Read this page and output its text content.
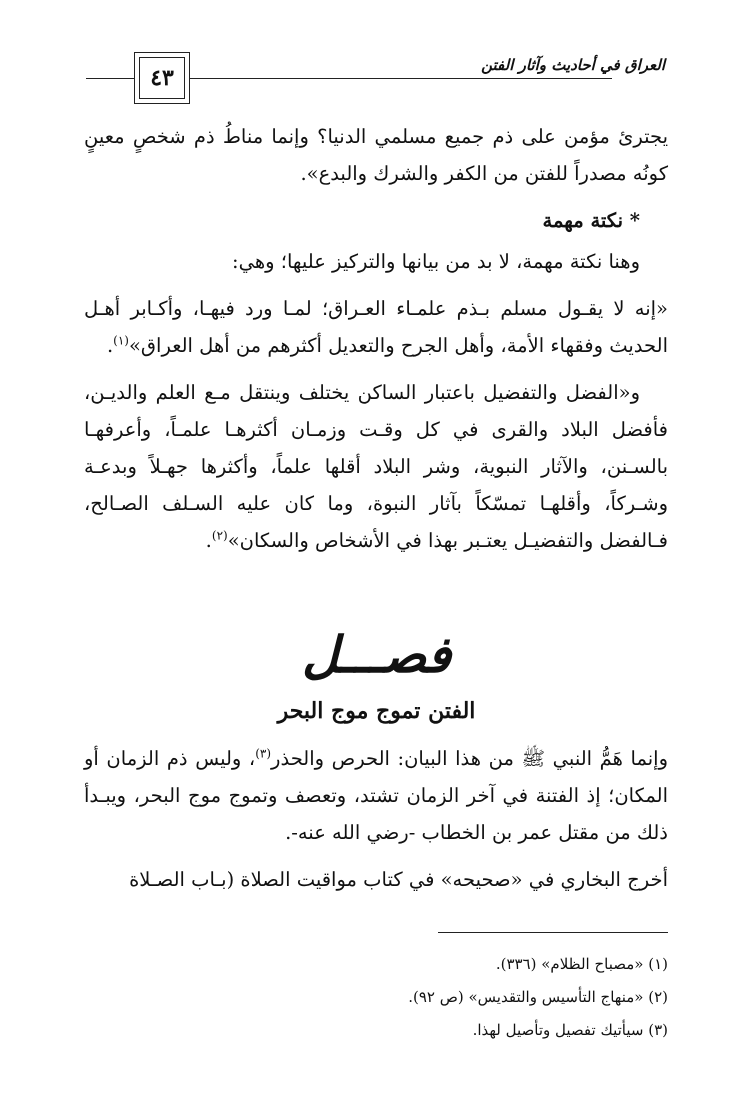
٤٣	العراق في أحاديث وآثار الفتن

يجترئ مؤمن على ذم جميع مسلمي الدنيا؟ وإنما مناطُ ذم شخصٍ معينٍ كونُه مصدراً للفتن من الكفر والشرك والبدع».

* نكتة مهمة

وهنا نكتة مهمة، لا بد من بيانها والتركيز عليها؛ وهي:

«إنه لا يقـول مسلم بـذم علمـاء العـراق؛ لمـا ورد فيهـا، وأكـابر أهـل الحديث وفقهاء الأمة، وأهل الجرح والتعديل أكثرهم من أهل العراق»$^{(١)}$.

و«الفضل والتفضيل باعتبار الساكن يختلف وينتقل مـع العلم والديـن، فأفضل البلاد والقرى في كل وقـت وزمـان أكثرهـا علمـاً، وأعرفهـا بالسـنن، والآثار النبوية، وشر البلاد أقلها علماً، وأكثرها جهـلاً وبدعـة وشـركاً، وأقلهـا تمسّكاً بآثار النبوة، وما كان عليه السـلف الصـالح، فـالفضل والتفضيـل يعتـبر بهذا في الأشخاص والسكان»$^{(٢)}$.

فصـــل
الفتن تموج موج البحر

وإنما هَمُّ النبي ﷺ من هذا البيان: الحرص والحذر$^{(٣)}$، وليس ذم الزمان أو المكان؛ إذ الفتنة في آخر الزمان تشتد، وتعصف وتموج موج البحر، ويبـدأ ذلك من مقتل عمر بن الخطاب -رضي الله عنه-.

أخرج البخاري في «صحيحه» في كتاب مواقيت الصلاة (بـاب الصـلاة

(١) «مصباح الظلام» (٣٣٦).
(٢) «منهاج التأسيس والتقديس» (ص ٩٢).
(٣) سيأتيك تفصيل وتأصيل لهذا.
